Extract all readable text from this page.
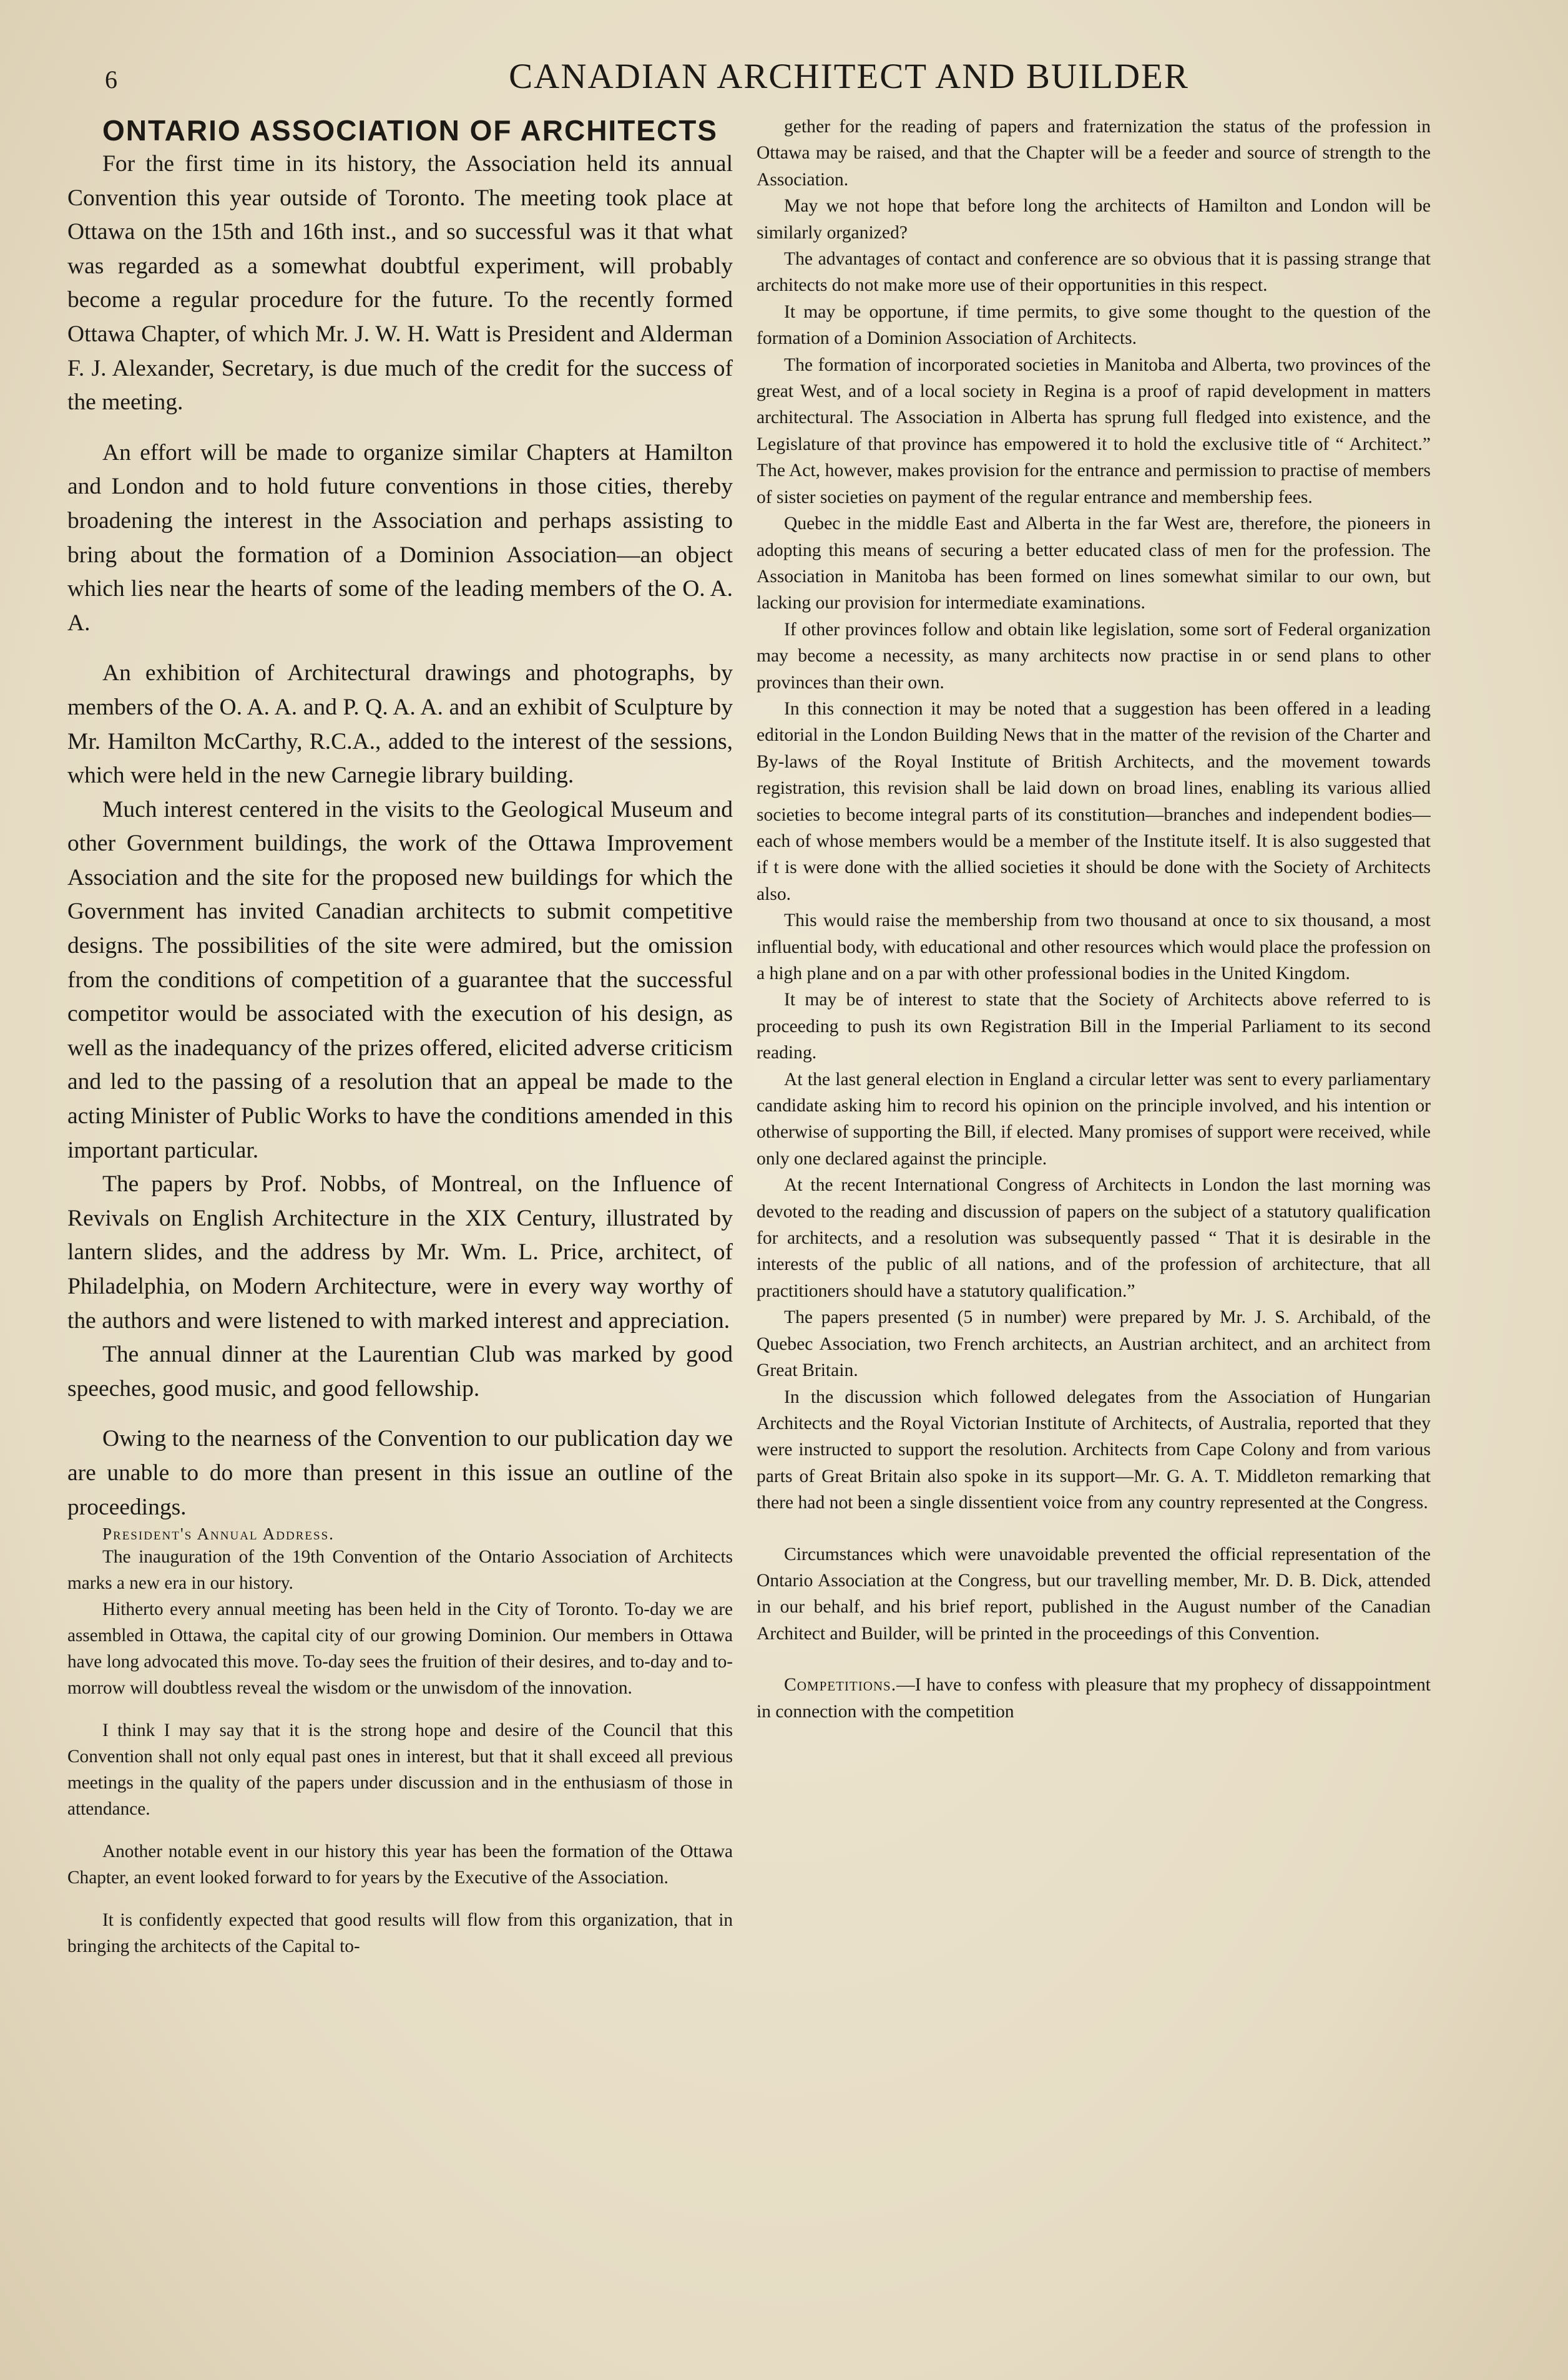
6	CANADIAN ARCHITECT AND BUILDER

ONTARIO ASSOCIATION OF ARCHITECTS

For the first time in its history, the Association held its annual Convention this year outside of Toronto. The meeting took place at Ottawa on the 15th and 16th inst., and so successful was it that what was regarded as a somewhat doubtful experiment, will probably become a regular procedure for the future. To the recently formed Ottawa Chapter, of which Mr. J. W. H. Watt is President and Alderman F. J. Alexander, Secretary, is due much of the credit for the success of the meeting.

An effort will be made to organize similar Chapters at Hamilton and London and to hold future conventions in those cities, thereby broadening the interest in the Association and perhaps assisting to bring about the formation of a Dominion Association—an object which lies near the hearts of some of the leading members of the O. A. A.

An exhibition of Architectural drawings and photographs, by members of the O. A. A. and P. Q. A. A. and an exhibit of Sculpture by Mr. Hamilton McCarthy, R.C.A., added to the interest of the sessions, which were held in the new Carnegie library building.

Much interest centered in the visits to the Geological Museum and other Government buildings, the work of the Ottawa Improvement Association and the site for the proposed new buildings for which the Government has invited Canadian architects to submit competitive designs. The possibilities of the site were admired, but the omission from the conditions of competition of a guarantee that the successful competitor would be associated with the execution of his design, as well as the inadequancy of the prizes offered, elicited adverse criticism and led to the passing of a resolution that an appeal be made to the acting Minister of Public Works to have the conditions amended in this important particular.

The papers by Prof. Nobbs, of Montreal, on the Influence of Revivals on English Architecture in the XIX Century, illustrated by lantern slides, and the address by Mr. Wm. L. Price, architect, of Philadelphia, on Modern Architecture, were in every way worthy of the authors and were listened to with marked interest and appreciation.

The annual dinner at the Laurentian Club was marked by good speeches, good music, and good fellowship.

Owing to the nearness of the Convention to our publication day we are unable to do more than present in this issue an outline of the proceedings.

President's Annual Address.

The inauguration of the 19th Convention of the Ontario Association of Architects marks a new era in our history.

Hitherto every annual meeting has been held in the City of Toronto. To-day we are assembled in Ottawa, the capital city of our growing Dominion. Our members in Ottawa have long advocated this move. To-day sees the fruition of their desires, and to-day and to-morrow will doubtless reveal the wisdom or the unwisdom of the innovation.

I think I may say that it is the strong hope and desire of the Council that this Convention shall not only equal past ones in interest, but that it shall exceed all previous meetings in the quality of the papers under discussion and in the enthusiasm of those in attendance.

Another notable event in our history this year has been the formation of the Ottawa Chapter, an event looked forward to for years by the Executive of the Association.

It is confidently expected that good results will flow from this organization, that in bringing the architects of the Capital to-

gether for the reading of papers and fraternization the status of the profession in Ottawa may be raised, and that the Chapter will be a feeder and source of strength to the Association.

May we not hope that before long the architects of Hamilton and London will be similarly organized?

The advantages of contact and conference are so obvious that it is passing strange that architects do not make more use of their opportunities in this respect.

It may be opportune, if time permits, to give some thought to the question of the formation of a Dominion Association of Architects.

The formation of incorporated societies in Manitoba and Alberta, two provinces of the great West, and of a local society in Regina is a proof of rapid development in matters architectural. The Association in Alberta has sprung full fledged into existence, and the Legislature of that province has empowered it to hold the exclusive title of “ Architect.” The Act, however, makes provision for the entrance and permission to practise of members of sister societies on payment of the regular entrance and membership fees.

Quebec in the middle East and Alberta in the far West are, therefore, the pioneers in adopting this means of securing a better educated class of men for the profession. The Association in Manitoba has been formed on lines somewhat similar to our own, but lacking our provision for intermediate examinations.

If other provinces follow and obtain like legislation, some sort of Federal organization may become a necessity, as many architects now practise in or send plans to other provinces than their own.

In this connection it may be noted that a suggestion has been offered in a leading editorial in the London Building News that in the matter of the revision of the Charter and By-laws of the Royal Institute of British Architects, and the movement towards registration, this revision shall be laid down on broad lines, enabling its various allied societies to become integral parts of its constitution—branches and independent bodies—each of whose members would be a member of the Institute itself. It is also suggested that if t is were done with the allied societies it should be done with the Society of Architects also.

This would raise the membership from two thousand at once to six thousand, a most influential body, with educational and other resources which would place the profession on a high plane and on a par with other professional bodies in the United Kingdom.

It may be of interest to state that the Society of Architects above referred to is proceeding to push its own Registration Bill in the Imperial Parliament to its second reading.

At the last general election in England a circular letter was sent to every parliamentary candidate asking him to record his opinion on the principle involved, and his intention or otherwise of supporting the Bill, if elected. Many promises of support were received, while only one declared against the principle.

At the recent International Congress of Architects in London the last morning was devoted to the reading and discussion of papers on the subject of a statutory qualification for architects, and a resolution was subsequently passed “ That it is desirable in the interests of the public of all nations, and of the profession of architecture, that all practitioners should have a statutory qualification.”

The papers presented (5 in number) were prepared by Mr. J. S. Archibald, of the Quebec Association, two French architects, an Austrian architect, and an architect from Great Britain.

In the discussion which followed delegates from the Association of Hungarian Architects and the Royal Victorian Institute of Architects, of Australia, reported that they were instructed to support the resolution. Architects from Cape Colony and from various parts of Great Britain also spoke in its support—Mr. G. A. T. Middleton remarking that there had not been a single dissentient voice from any country represented at the Congress.

Circumstances which were unavoidable prevented the official representation of the Ontario Association at the Congress, but our travelling member, Mr. D. B. Dick, attended in our behalf, and his brief report, published in the August number of the Canadian Architect and Builder, will be printed in the proceedings of this Convention.

Competitions.—I have to confess with pleasure that my prophecy of dissappointment in connection with the competition
